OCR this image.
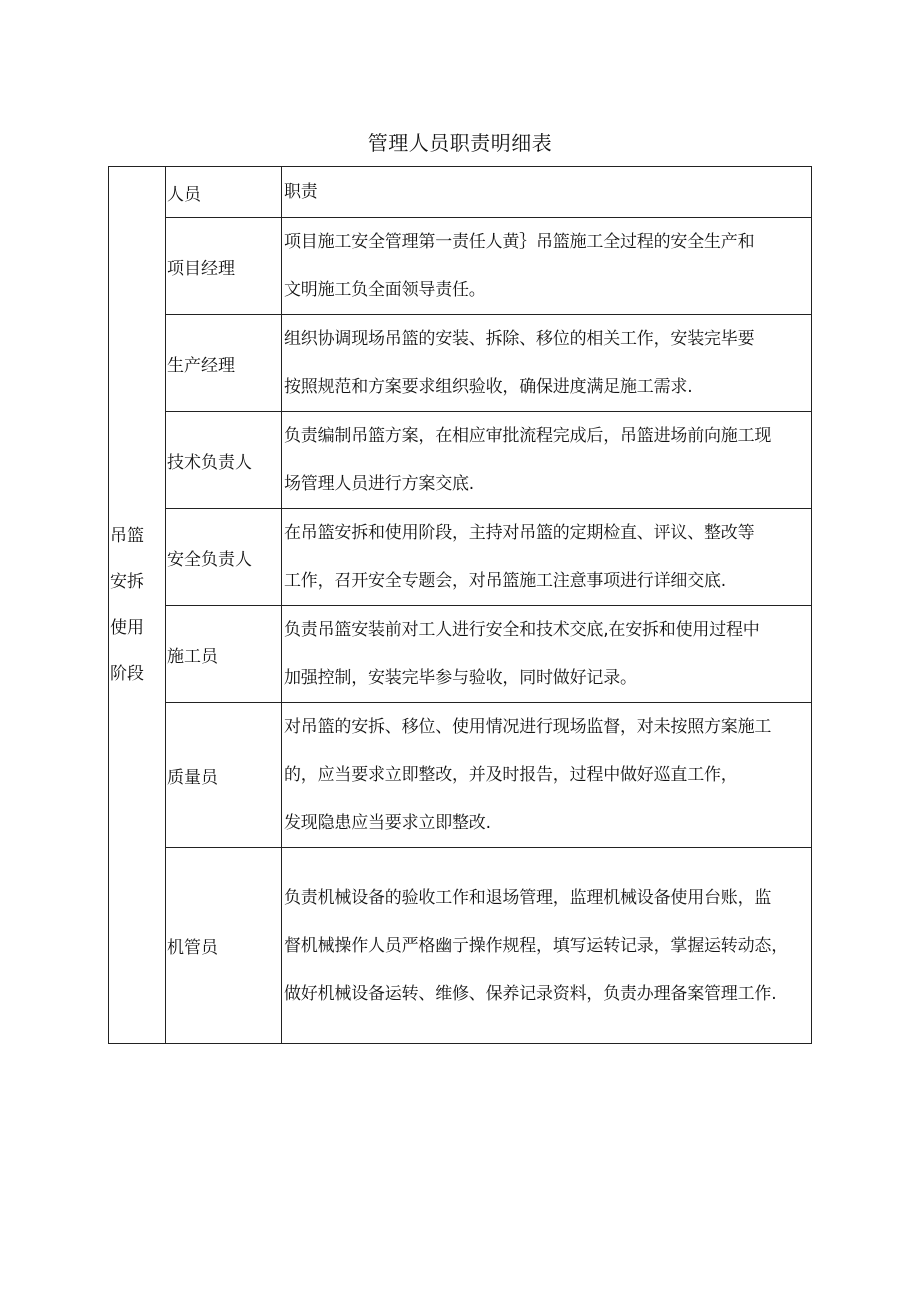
管理人员职责明细表
吊篮
安拆
使用
阶段	人员	职责
	项目经理	项目施工安全管理第一责任人黄｝吊篮施工全过程的安全生产和
文明施工负全面领导责任。

	生产经理	组织协调现场吊篮的安装、拆除、移位的相关工作，安装完毕要
按照规范和方案要求组织验收，确保进度满足施工需求.

	技术负责人	负责编制吊篮方案，在相应审批流程完成后，吊篮进场前向施工现
场管理人员进行方案交底.

	安全负责人	在吊篮安拆和使用阶段，主持对吊篮的定期检直、评议、整改等
工作，召开安全专题会，对吊篮施工注意事项进行详细交底.

	施工员	负责吊篮安装前对工人进行安全和技术交底,在安拆和使用过程中
加强控制，安装完毕参与验收，同时做好记录。

	质量员	对吊篮的安拆、移位、使用情况进行现场监督，对未按照方案施工
的，应当要求立即整改，并及时报告，过程中做好巡直工作，
发现隐患应当要求立即整改.

	机管员	负责机械设备的验收工作和退场管理，监理机械设备使用台账，监
督机械操作人员严格幽亍操作规程，填写运转记录，掌握运转动态，
做好机械设备运转、维修、保养记录资料，负责办理备案管理工作.
